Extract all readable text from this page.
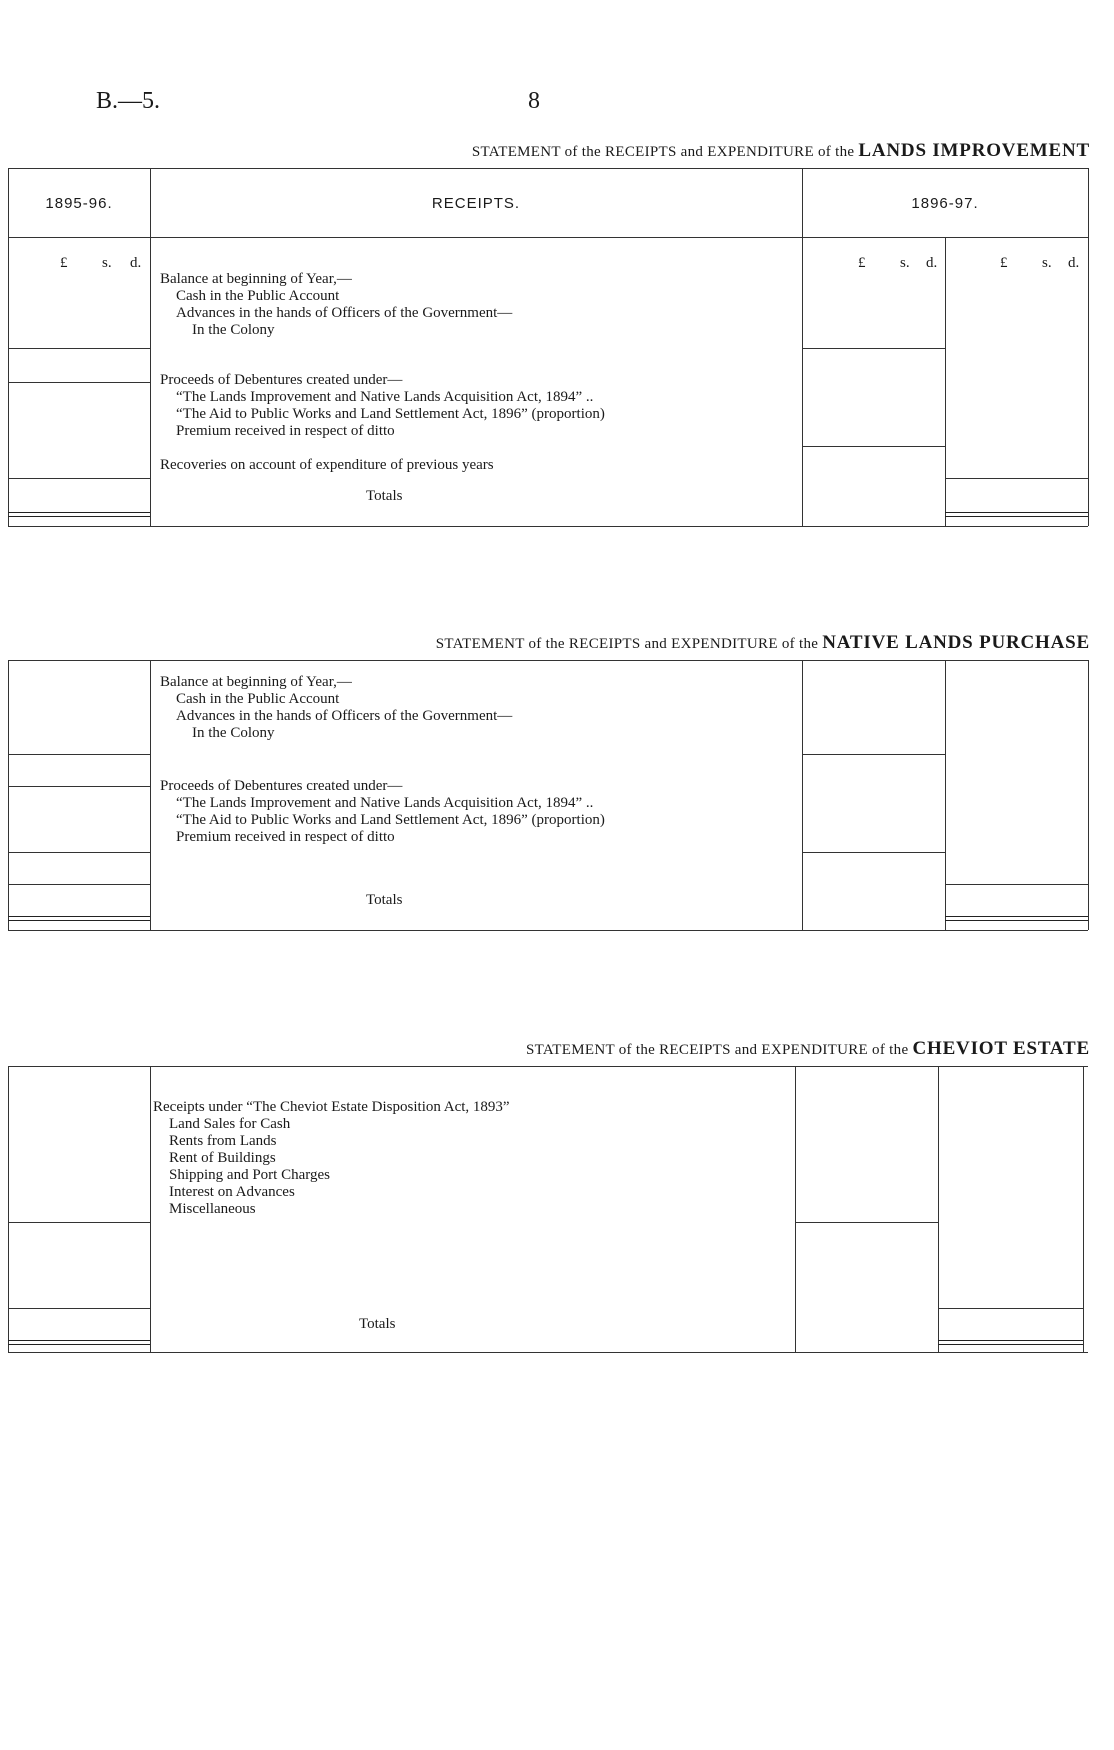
B.—5.	8
STATEMENT of the RECEIPTS and EXPENDITURE of the LANDS IMPROVEMENT
1895-96.	RECEIPTS.	1896-97.
£ s. d.	£ s. d.	£ s. d.
Balance at beginning of Year,—
Cash in the Public Account
Advances in the hands of Officers of the Government—
In the Colony
Proceeds of Debentures created under—
“The Lands Improvement and Native Lands Acquisition Act, 1894” ..
“The Aid to Public Works and Land Settlement Act, 1896” (proportion)
Premium received in respect of ditto
Recoveries on account of expenditure of previous years
Totals
STATEMENT of the RECEIPTS and EXPENDITURE of the NATIVE LANDS PURCHASE
Balance at beginning of Year,—
Cash in the Public Account
Advances in the hands of Officers of the Government—
In the Colony
Proceeds of Debentures created under—
“The Lands Improvement and Native Lands Acquisition Act, 1894” ..
“The Aid to Public Works and Land Settlement Act, 1896” (proportion)
Premium received in respect of ditto
Totals
STATEMENT of the RECEIPTS and EXPENDITURE of the CHEVIOT ESTATE
Receipts under “The Cheviot Estate Disposition Act, 1893”
Land Sales for Cash
Rents from Lands
Rent of Buildings
Shipping and Port Charges
Interest on Advances
Miscellaneous
Totals
